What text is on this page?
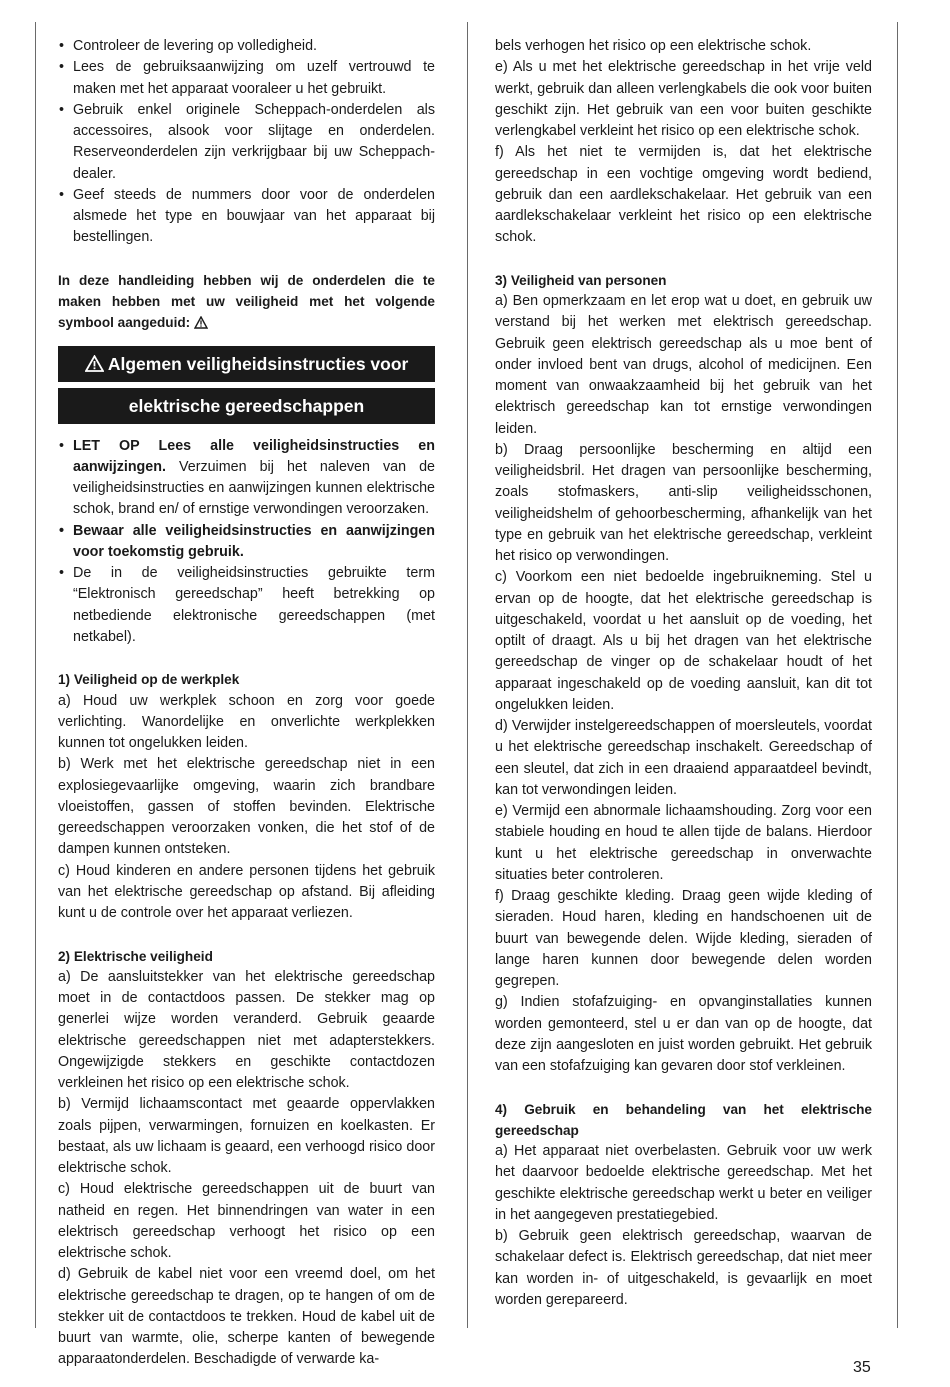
• Controleer de levering op volledigheid.
• Lees de gebruiksaanwijzing om uzelf vertrouwd te maken met het apparaat vooraleer u het gebruikt.
• Gebruik enkel originele Scheppach-onderdelen als accessoires, alsook voor slijtage en onderdelen. Reserveonderdelen zijn verkrijgbaar bij uw Scheppach-dealer.
• Geef steeds de nummers door voor de onderdelen alsmede het type en bouwjaar van het apparaat bij bestellingen.

In deze handleiding hebben wij de onderdelen die te maken hebben met uw veiligheid met het volgende symbool aangeduid:

Algemen veiligheidsinstructies voor
elektrische gereedschappen
• LET OP Lees alle veiligheidsinstructies en aanwijzingen. Verzuimen bij het naleven van de veiligheidsinstructies en aanwijzingen kunnen elektrische schok, brand en/ of ernstige verwondingen veroorzaken.
• Bewaar alle veiligheidsinstructies en aanwijzingen voor toekomstig gebruik.
• De in de veiligheidsinstructies gebruikte term “Elektronisch gereedschap” heeft betrekking op netbediende elektronische gereedschappen (met netkabel).

1) Veiligheid op de werkplek

a) Houd uw werkplek schoon en zorg voor goede verlichting. Wanordelijke en onverlichte werkplekken kunnen tot ongelukken leiden.

b) Werk met het elektrische gereedschap niet in een explosiegevaarlijke omgeving, waarin zich brandbare vloeistoffen, gassen of stoffen bevinden. Elektrische gereedschappen veroorzaken vonken, die het stof of de dampen kunnen ontsteken.

c) Houd kinderen en andere personen tijdens het gebruik van het elektrische gereedschap op afstand. Bij afleiding kunt u de controle over het apparaat verliezen.

2) Elektrische veiligheid

a) De aansluitstekker van het elektrische gereedschap moet in de contactdoos passen. De stekker mag op generlei wijze worden veranderd. Gebruik geaarde elektrische gereedschappen niet met adapterstekkers. Ongewijzigde stekkers en geschikte contactdozen verkleinen het risico op een elektrische schok.

b) Vermijd lichaamscontact met geaarde oppervlakken zoals pijpen, verwarmingen, fornuizen en koelkasten. Er bestaat, als uw lichaam is geaard, een verhoogd risico door elektrische schok.

c) Houd elektrische gereedschappen uit de buurt van natheid en regen. Het binnendringen van water in een elektrisch gereedschap verhoogt het risico op een elektrische schok.

d) Gebruik de kabel niet voor een vreemd doel, om het elektrische gereedschap te dragen, op te hangen of om de stekker uit de contactdoos te trekken. Houd de kabel uit de buurt van warmte, olie, scherpe kanten of bewegende apparaatonderdelen. Beschadigde of verwarde ka-

bels verhogen het risico op een elektrische schok.

e) Als u met het elektrische gereedschap in het vrije veld werkt, gebruik dan alleen verlengkabels die ook voor buiten geschikt zijn. Het gebruik van een voor buiten geschikte verlengkabel verkleint het risico op een elektrische schok.

f) Als het niet te vermijden is, dat het elektrische gereedschap in een vochtige omgeving wordt bediend, gebruik dan een aardlekschakelaar. Het gebruik van een aardlekschakelaar verkleint het risico op een elektrische schok.

3) Veiligheid van personen

a) Ben opmerkzaam en let erop wat u doet, en gebruik uw verstand bij het werken met elektrisch gereedschap. Gebruik geen elektrisch gereedschap als u moe bent of onder invloed bent van drugs, alcohol of medicijnen. Een moment van onwaakzaamheid bij het gebruik van het elektrisch gereedschap kan tot ernstige verwondingen leiden.

b) Draag persoonlijke bescherming en altijd een veiligheidsbril. Het dragen van persoonlijke bescherming, zoals stofmaskers, anti-slip veiligheidsschonen, veiligheidshelm of gehoorbescherming, afhankelijk van het type en gebruik van het elektrische gereedschap, verkleint het risico op verwondingen.

c) Voorkom een niet bedoelde ingebruikneming. Stel u ervan op de hoogte, dat het elektrische gereedschap is uitgeschakeld, voordat u het aansluit op de voeding, het optilt of draagt. Als u bij het dragen van het elektrische gereedschap de vinger op de schakelaar houdt of het apparaat ingeschakeld op de voeding aansluit, kan dit tot ongelukken leiden.

d) Verwijder instelgereedschappen of moersleutels, voordat u het elektrische gereedschap inschakelt. Gereedschap of een sleutel, dat zich in een draaiend apparaatdeel bevindt, kan tot verwondingen leiden.

e) Vermijd een abnormale lichaamshouding. Zorg voor een stabiele houding en houd te allen tijde de balans. Hierdoor kunt u het elektrische gereedschap in onverwachte situaties beter controleren.

f) Draag geschikte kleding. Draag geen wijde kleding of sieraden. Houd haren, kleding en handschoenen uit de buurt van bewegende delen. Wijde kleding, sieraden of lange haren kunnen door bewegende delen worden gegrepen.

g) Indien stofafzuiging- en opvanginstallaties kunnen worden gemonteerd, stel u er dan van op de hoogte, dat deze zijn aangesloten en juist worden gebruikt. Het gebruik van een stofafzuiging kan gevaren door stof verkleinen.

4) Gebruik en behandeling van het elektrische gereedschap

a) Het apparaat niet overbelasten. Gebruik voor uw werk het daarvoor bedoelde elektrische gereedschap. Met het geschikte elektrische gereedschap werkt u beter en veiliger in het aangegeven prestatiegebied.

b) Gebruik geen elektrisch gereedschap, waarvan de schakelaar defect is. Elektrisch gereedschap, dat niet meer kan worden in- of uitgeschakeld, is gevaarlijk en moet worden gerepareerd.

35
